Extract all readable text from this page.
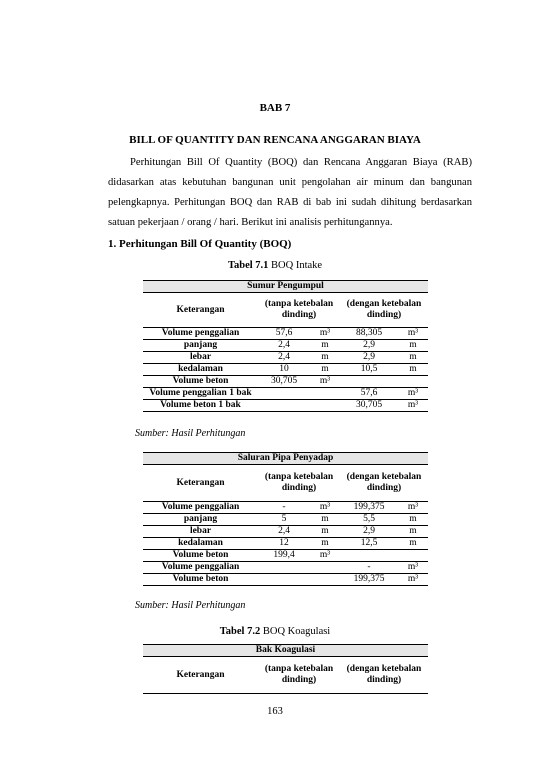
BAB 7
BILL OF QUANTITY DAN RENCANA ANGGARAN BIAYA
Perhitungan Bill Of Quantity (BOQ) dan Rencana Anggaran Biaya (RAB) didasarkan atas kebutuhan bangunan unit pengolahan air minum dan bangunan pelengkapnya. Perhitungan BOQ dan RAB di bab ini sudah dihitung berdasarkan satuan pekerjaan / orang / hari. Berikut ini analisis perhitungannya.
1. Perhitungan Bill Of Quantity (BOQ)
Tabel 7.1 BOQ Intake
Sumur Pengumpul				
Keterangan	(tanpa ketebalan dinding)		(dengan ketebalan dinding)	
Volume penggalian	57,6	m³	88,305	m³
panjang	2,4	m	2,9	m
lebar	2,4	m	2,9	m
kedalaman	10	m	10,5	m
Volume beton	30,705	m³		
Volume penggalian 1 bak			57,6	m³
Volume beton 1 bak			30,705	m³
Sumber: Hasil Perhitungan
Saluran Pipa Penyadap				
Keterangan	(tanpa ketebalan dinding)		(dengan ketebalan dinding)	
Volume penggalian	-	m³	199,375	m³
panjang	5	m	5,5	m
lebar	2,4	m	2,9	m
kedalaman	12	m	12,5	m
Volume beton	199,4	m³		
Volume penggalian			-	m³
Volume beton			199,375	m³
Sumber: Hasil Perhitungan
Tabel 7.2 BOQ Koagulasi
Bak Koagulasi
Keterangan	(tanpa ketebalan dinding)	(dengan ketebalan dinding)
163
